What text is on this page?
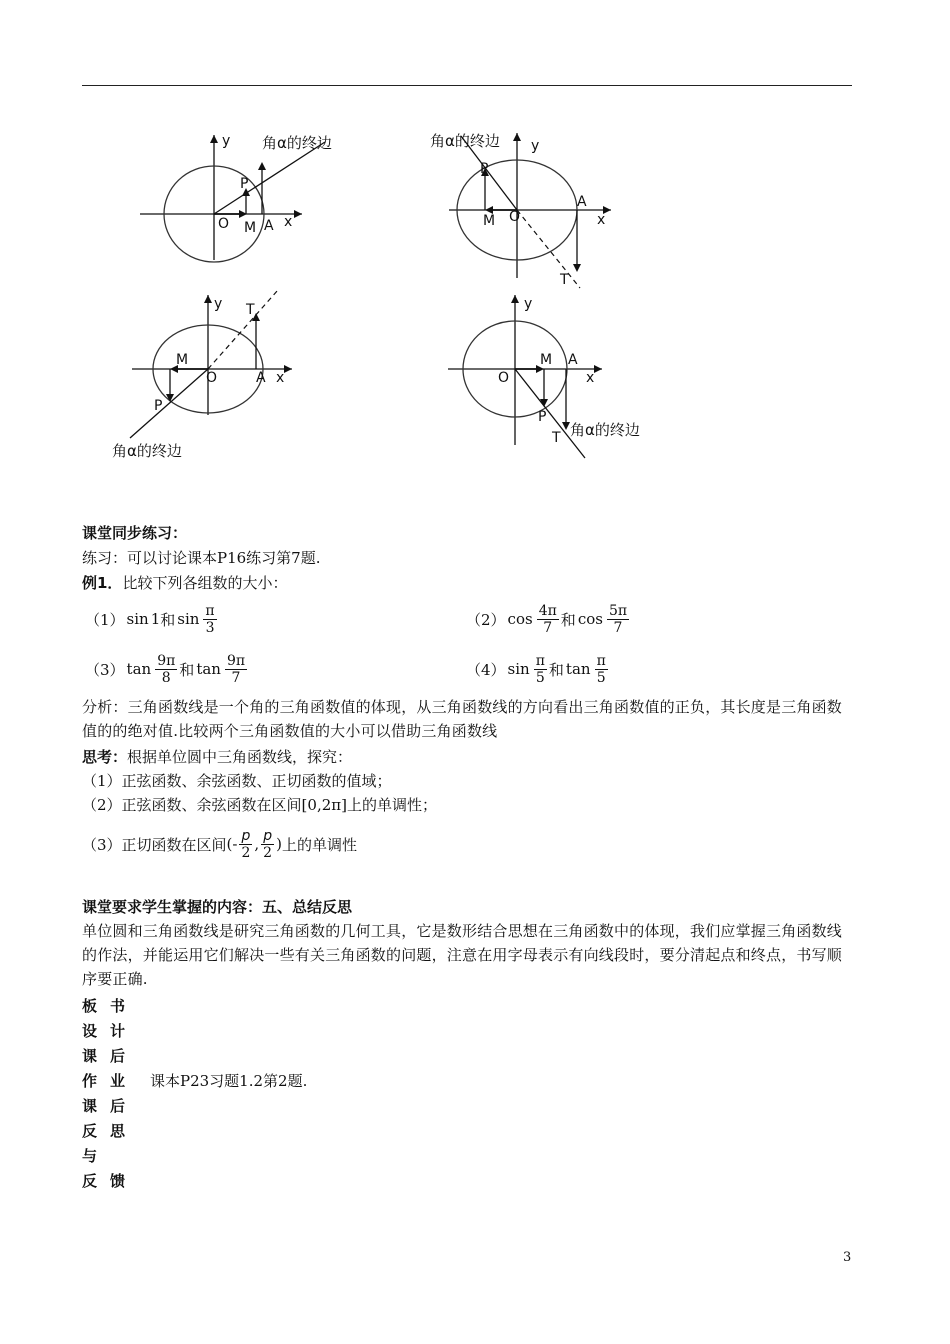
y
P
O M A x
角α的终边	y
P
M O
A
x
T
角α的终边
y T
M
O	A x
P
角α的终边
y
O
M A
x
P
T 角α的终边
课堂同步练习：
练习：可以讨论课本P16练习第7题.
例1．比较下列各组数的大小：
（1） sin 1 和 $\sin \frac{\pi}{3}$	（2） $\cos \frac{4\pi}{7}$ 和 $\cos \frac{5\pi}{7}$
（3） $\tan \frac{9\pi}{8}$ 和 $\tan \frac{9\pi}{7}$	（4） $\sin \frac{\pi}{5}$ 和 $\tan \frac{\pi}{5}$
分析：三角函数线是一个角的三角函数值的体现，从三角函数线的方向看出三角函数值的正负，其长度是三角函数值的的绝对值.比较两个三角函数值的大小可以借助三角函数线
思考：根据单位圆中三角函数线，探究：
（1）正弦函数、余弦函数、正切函数的值域；
（2）正弦函数、余弦函数在区间[0,2π]上的单调性；
（3）正切函数在区间 (- $\frac{p}{2}$ , $\frac{p}{2}$ ) 上的单调性
课堂要求学生掌握的内容：五、总结反思
单位圆和三角函数线是研究三角函数的几何工具，它是数形结合思想在三角函数中的体现，我们应掌握三角函数线的作法，并能运用它们解决一些有关三角函数的问题，注意在用字母表示有向线段时，要分清起点和终点，书写顺序要正确.
板书
设计
课后
作业 课本P23习题1.2第2题.
课后
反思
与
反馈
3
